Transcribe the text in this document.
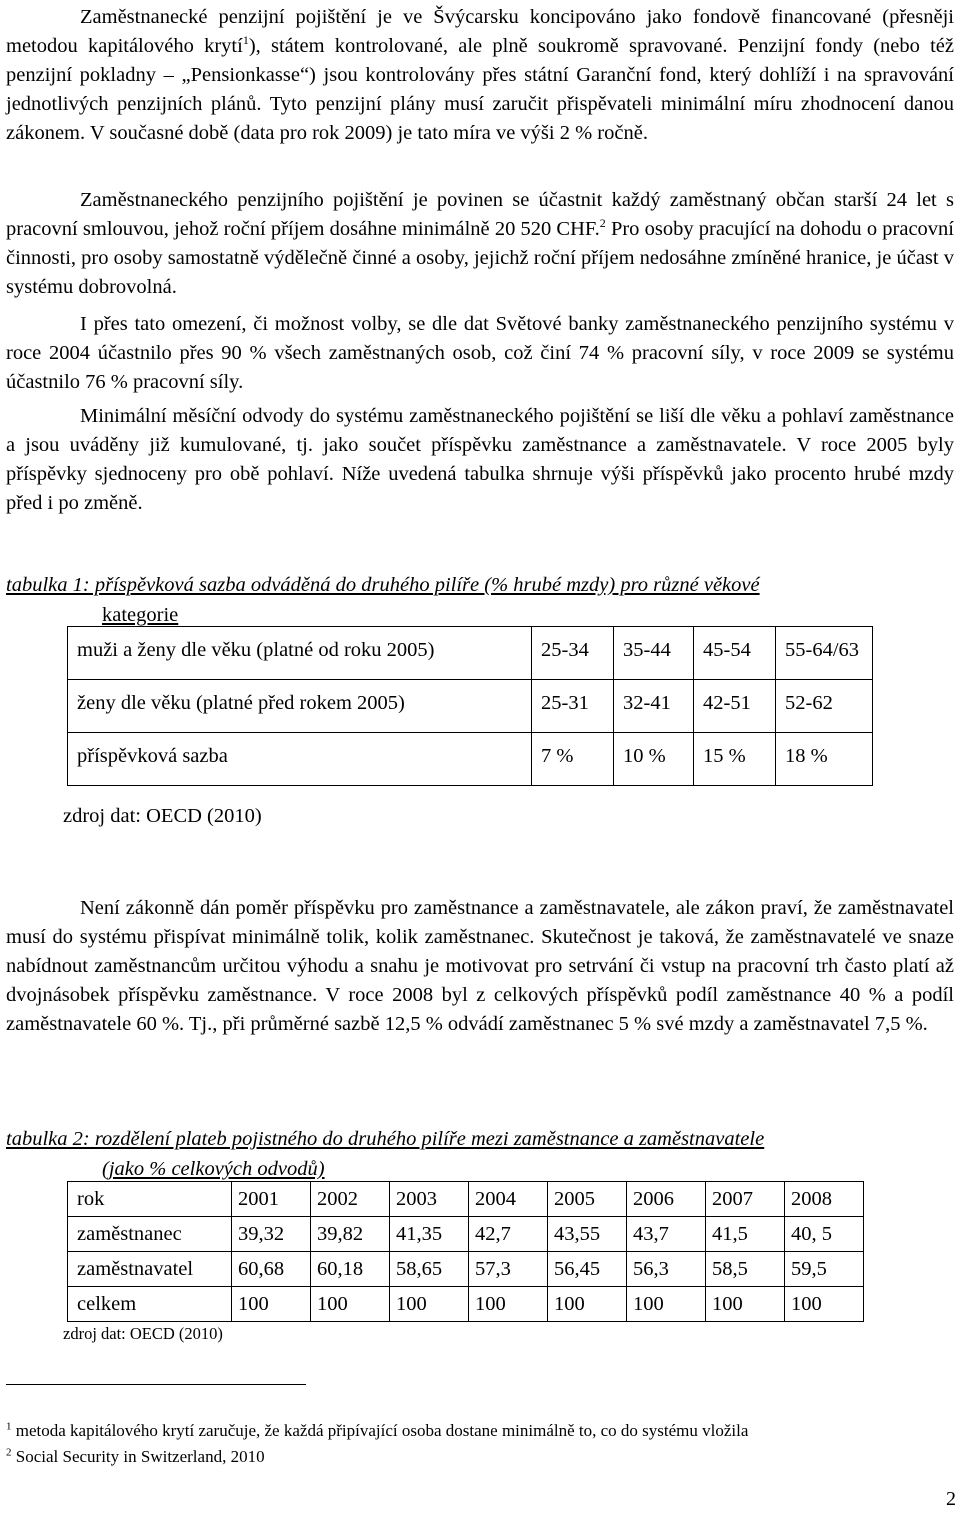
Zaměstnanecké penzijní pojištění je ve Švýcarsku koncipováno jako fondově financované (přesněji metodou kapitálového krytí$^1$), státem kontrolované, ale plně soukromě spravované. Penzijní fondy (nebo též penzijní pokladny – „Pensionkasse“) jsou kontrolovány přes státní Garanční fond, který dohlíží i na spravování jednotlivých penzijních plánů. Tyto penzijní plány musí zaručit přispěvateli minimální míru zhodnocení danou zákonem. V současné době (data pro rok 2009) je tato míra ve výši 2 % ročně.

Zaměstnaneckého penzijního pojištění je povinen se účastnit každý zaměstnaný občan starší 24 let s pracovní smlouvou, jehož roční příjem dosáhne minimálně 20 520 CHF.$^2$ Pro osoby pracující na dohodu o pracovní činnosti, pro osoby samostatně výdělečně činné a osoby, jejichž roční příjem nedosáhne zmíněné hranice, je účast v systému dobrovolná.

I přes tato omezení, či možnost volby, se dle dat Světové banky zaměstnaneckého penzijního systému v roce 2004 účastnilo přes 90 % všech zaměstnaných osob, což činí 74 % pracovní síly, v roce 2009 se systému účastnilo 76 % pracovní síly.

Minimální měsíční odvody do systému zaměstnaneckého pojištění se liší dle věku a pohlaví zaměstnance a jsou uváděny již kumulované, tj. jako součet příspěvku zaměstnance a zaměstnavatele. V roce 2005 byly příspěvky sjednoceny pro obě pohlaví. Níže uvedená tabulka shrnuje výši příspěvků jako procento hrubé mzdy před i po změně.

tabulka 1: příspěvková sazba odváděná do druhého pilíře (% hrubé mzdy) pro různé věkové
kategorie

Není zákonně dán poměr příspěvku pro zaměstnance a zaměstnavatele, ale zákon praví, že zaměstnavatel musí do systému přispívat minimálně tolik, kolik zaměstnanec. Skutečnost je taková, že zaměstnavatelé ve snaze nabídnout zaměstnancům určitou výhodu a snahu je motivovat pro setrvání či vstup na pracovní trh často platí až dvojnásobek příspěvku zaměstnance. V roce 2008 byl z celkových příspěvků podíl zaměstnance 40 % a podíl zaměstnavatele 60 %. Tj., při průměrné sazbě 12,5 % odvádí zaměstnanec 5 % své mzdy a zaměstnavatel 7,5 %.

tabulka 2: rozdělení plateb pojistného do druhého pilíře mezi zaměstnance a zaměstnavatele
(jako % celkových odvodů)
muži a ženy dle věku (platné od roku 2005)	25-34	35-44	45-54	55-64/63
ženy dle věku (platné před rokem 2005)	25-31	32-41	42-51	52-62
příspěvková sazba	7 %	10 %	15 %	18 %
zdroj dat: OECD (2010)
rok	2001	2002	2003	2004	2005	2006	2007	2008
zaměstnanec	39,32	39,82	41,35	42,7	43,55	43,7	41,5	40, 5
zaměstnavatel	60,68	60,18	58,65	57,3	56,45	56,3	58,5	59,5
celkem	100	100	100	100	100	100	100	100
zdroj dat: OECD (2010)
$^1$ metoda kapitálového krytí zaručuje, že každá připívající osoba dostane minimálně to, co do systému vložila
$^2$ Social Security in Switzerland, 2010
2
